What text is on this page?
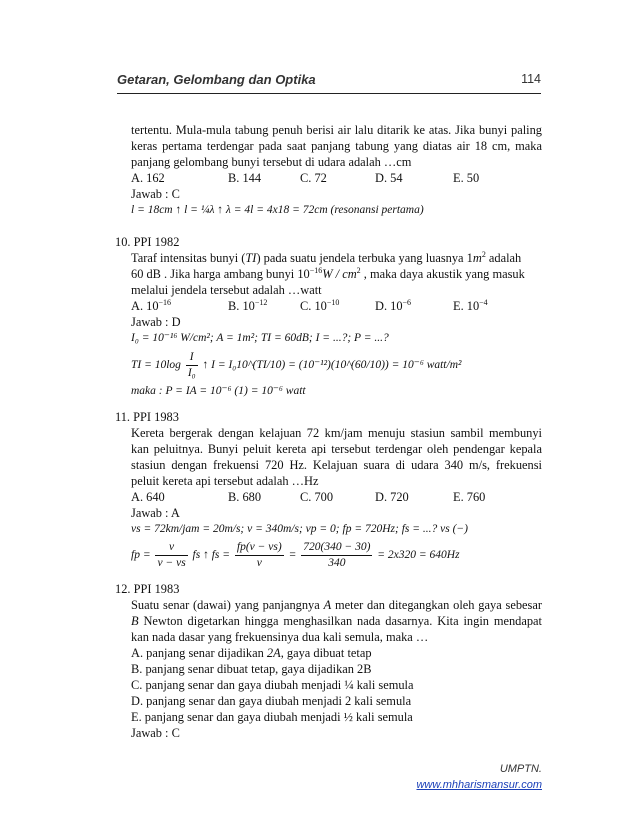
Getaran, Gelombang dan Optika	114
tertentu. Mula-mula tabung penuh berisi air lalu ditarik ke atas. Jika bunyi paling
keras pertama terdengar pada saat panjang tabung yang diatas air 18 cm, maka
panjang gelombang bunyi tersebut di udara adalah …cm
A. 162	B. 144	C. 72	D. 54	E. 50
Jawab : C
l = 18cm ↑ l = ¼λ ↑ λ = 4l = 4x18 = 72cm (resonansi pertama)
10. PPI 1982
Taraf intensitas bunyi (TI) pada suatu jendela terbuka yang luasnya $1m^2$ adalah
60 dB . Jika harga ambang bunyi $10^{-16}W / cm^2$ , maka daya akustik yang masuk
melalui jendela tersebut adalah …watt
A. $10^{-16}$	B. $10^{-12}$	C. $10^{-10}$	D. $10^{-6}$	E. $10^{-4}$
Jawab : D
I₀ = 10⁻¹⁶ W/cm²; A = 1m²; TI = 60dB; I = ...?; P = ...?
TI = $10\log \frac{I}{\text{I₀}}$ ↑ I = I₀10^(TI/10) = (10⁻¹²)(10^(60/10)) = 10⁻⁶ watt/m²
maka : P = IA = 10⁻⁶ (1) = 10⁻⁶ watt
11. PPI 1983
Kereta bergerak dengan kelajuan 72 km/jam menuju stasiun sambil membunyi
kan peluitnya. Bunyi peluit kereta api tersebut terdengar oleh pendengar kepala
stasiun dengan frekuensi 720 Hz. Kelajuan suara di udara 340 m/s, frekuensi
peluit kereta api tersebut adalah …Hz
A. 640	B. 680	C. 700	D. 720	E. 760
Jawab : A
vs = 72km/jam = 20m/s; v = 340m/s; vp = 0; fp = 720Hz; fs = ...? vs (−)
fp = $\frac{v}{v - vs}$ fs ↑ fs = $\frac{fp(v - vs)}{v} = \frac{720(340 - 30)}{340} = 2x320 = 640Hz$
12. PPI 1983
Suatu senar (dawai) yang panjangnya A meter dan ditegangkan oleh gaya sebesar
B Newton digetarkan hingga menghasilkan nada dasarnya. Kita ingin mendapat
kan nada dasar yang frekuensinya dua kali semula, maka …
A. panjang senar dijadikan 2A, gaya dibuat tetap
B. panjang senar dibuat tetap, gaya dijadikan 2B
C. panjang senar dan gaya diubah menjadi ¼ kali semula
D. panjang senar dan gaya diubah menjadi 2 kali semula
E. panjang senar dan gaya diubah menjadi ½ kali semula
Jawab : C
UMPTN. www.mhharismansur.com
